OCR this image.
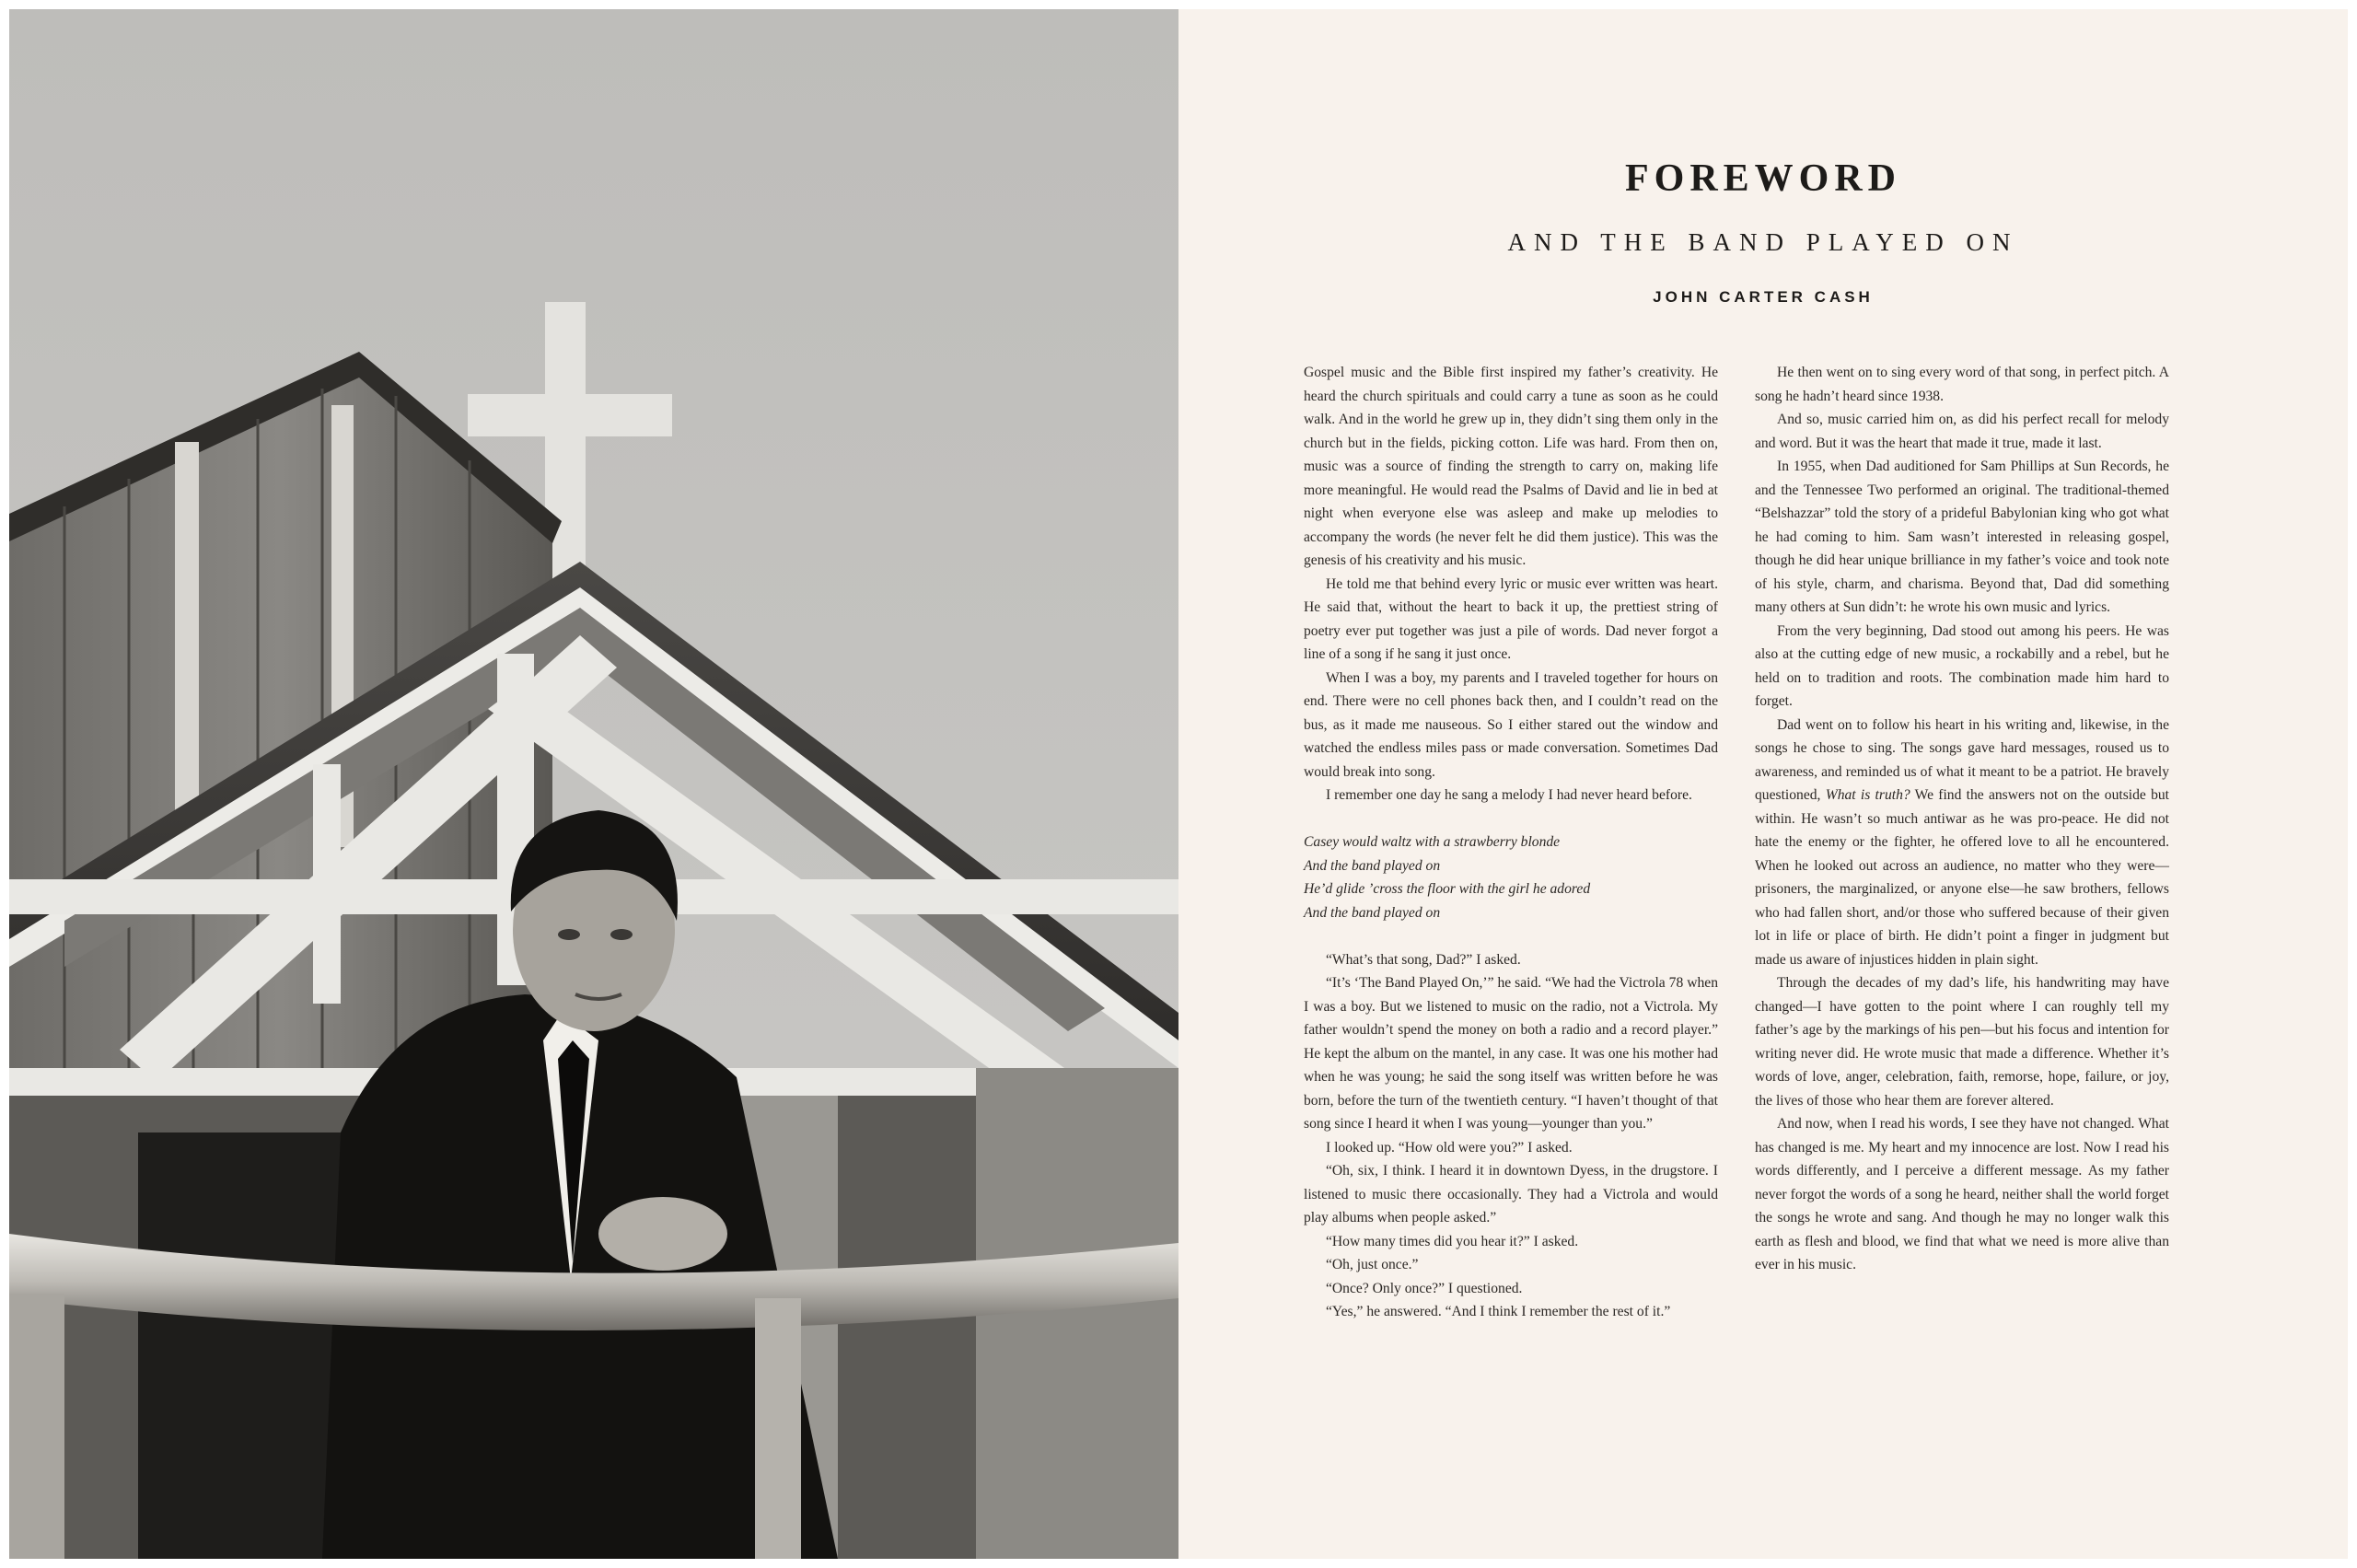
FOREWORD
AND THE BAND PLAYED ON
JOHN CARTER CASH

Gospel music and the Bible first inspired my father’s creativity. He heard the church spirituals and could carry a tune as soon as he could walk. And in the world he grew up in, they didn’t sing them only in the church but in the fields, picking cotton. Life was hard. From then on, music was a source of finding the strength to carry on, making life more meaningful. He would read the Psalms of David and lie in bed at night when everyone else was asleep and make up melodies to accompany the words (he never felt he did them justice). This was the genesis of his creativity and his music.

He told me that behind every lyric or music ever written was heart. He said that, without the heart to back it up, the prettiest string of poetry ever put together was just a pile of words. Dad never forgot a line of a song if he sang it just once.

When I was a boy, my parents and I traveled together for hours on end. There were no cell phones back then, and I couldn’t read on the bus, as it made me nauseous. So I either stared out the window and watched the endless miles pass or made conversation. Sometimes Dad would break into song.

I remember one day he sang a melody I had never heard before.

Casey would waltz with a strawberry blonde

And the band played on

He’d glide ’cross the floor with the girl he adored

And the band played on

“What’s that song, Dad?” I asked.

“It’s ‘The Band Played On,’” he said. “We had the Victrola 78 when I was a boy. But we listened to music on the radio, not a Victrola. My father wouldn’t spend the money on both a radio and a record player.” He kept the album on the mantel, in any case. It was one his mother had when he was young; he said the song itself was written before he was born, before the turn of the twentieth century. “I haven’t thought of that song since I heard it when I was young—younger than you.”

I looked up. “How old were you?” I asked.

“Oh, six, I think. I heard it in downtown Dyess, in the drugstore. I listened to music there occasionally. They had a Victrola and would play albums when people asked.”

“How many times did you hear it?” I asked.

“Oh, just once.”

“Once? Only once?” I questioned.

“Yes,” he answered. “And I think I remember the rest of it.”

He then went on to sing every word of that song, in perfect pitch. A song he hadn’t heard since 1938.

And so, music carried him on, as did his perfect recall for melody and word. But it was the heart that made it true, made it last.

In 1955, when Dad auditioned for Sam Phillips at Sun Records, he and the Tennessee Two performed an original. The traditional-themed “Belshazzar” told the story of a prideful Babylonian king who got what he had coming to him. Sam wasn’t interested in releasing gospel, though he did hear unique brilliance in my father’s voice and took note of his style, charm, and charisma. Beyond that, Dad did something many others at Sun didn’t: he wrote his own music and lyrics.

From the very beginning, Dad stood out among his peers. He was also at the cutting edge of new music, a rockabilly and a rebel, but he held on to tradition and roots. The combination made him hard to forget.

Dad went on to follow his heart in his writing and, likewise, in the songs he chose to sing. The songs gave hard messages, roused us to awareness, and reminded us of what it meant to be a patriot. He bravely questioned, What is truth? We find the answers not on the outside but within. He wasn’t so much antiwar as he was pro-peace. He did not hate the enemy or the fighter, he offered love to all he encountered. When he looked out across an audience, no matter who they were—prisoners, the marginalized, or anyone else—he saw brothers, fellows who had fallen short, and/or those who suffered because of their given lot in life or place of birth. He didn’t point a finger in judgment but made us aware of injustices hidden in plain sight.

Through the decades of my dad’s life, his handwriting may have changed—I have gotten to the point where I can roughly tell my father’s age by the markings of his pen—but his focus and intention for writing never did. He wrote music that made a difference. Whether it’s words of love, anger, celebration, faith, remorse, hope, failure, or joy, the lives of those who hear them are forever altered.

And now, when I read his words, I see they have not changed. What has changed is me. My heart and my innocence are lost. Now I read his words differently, and I perceive a different message. As my father never forgot the words of a song he heard, neither shall the world forget the songs he wrote and sang. And though he may no longer walk this earth as flesh and blood, we find that what we need is more alive than ever in his music.
